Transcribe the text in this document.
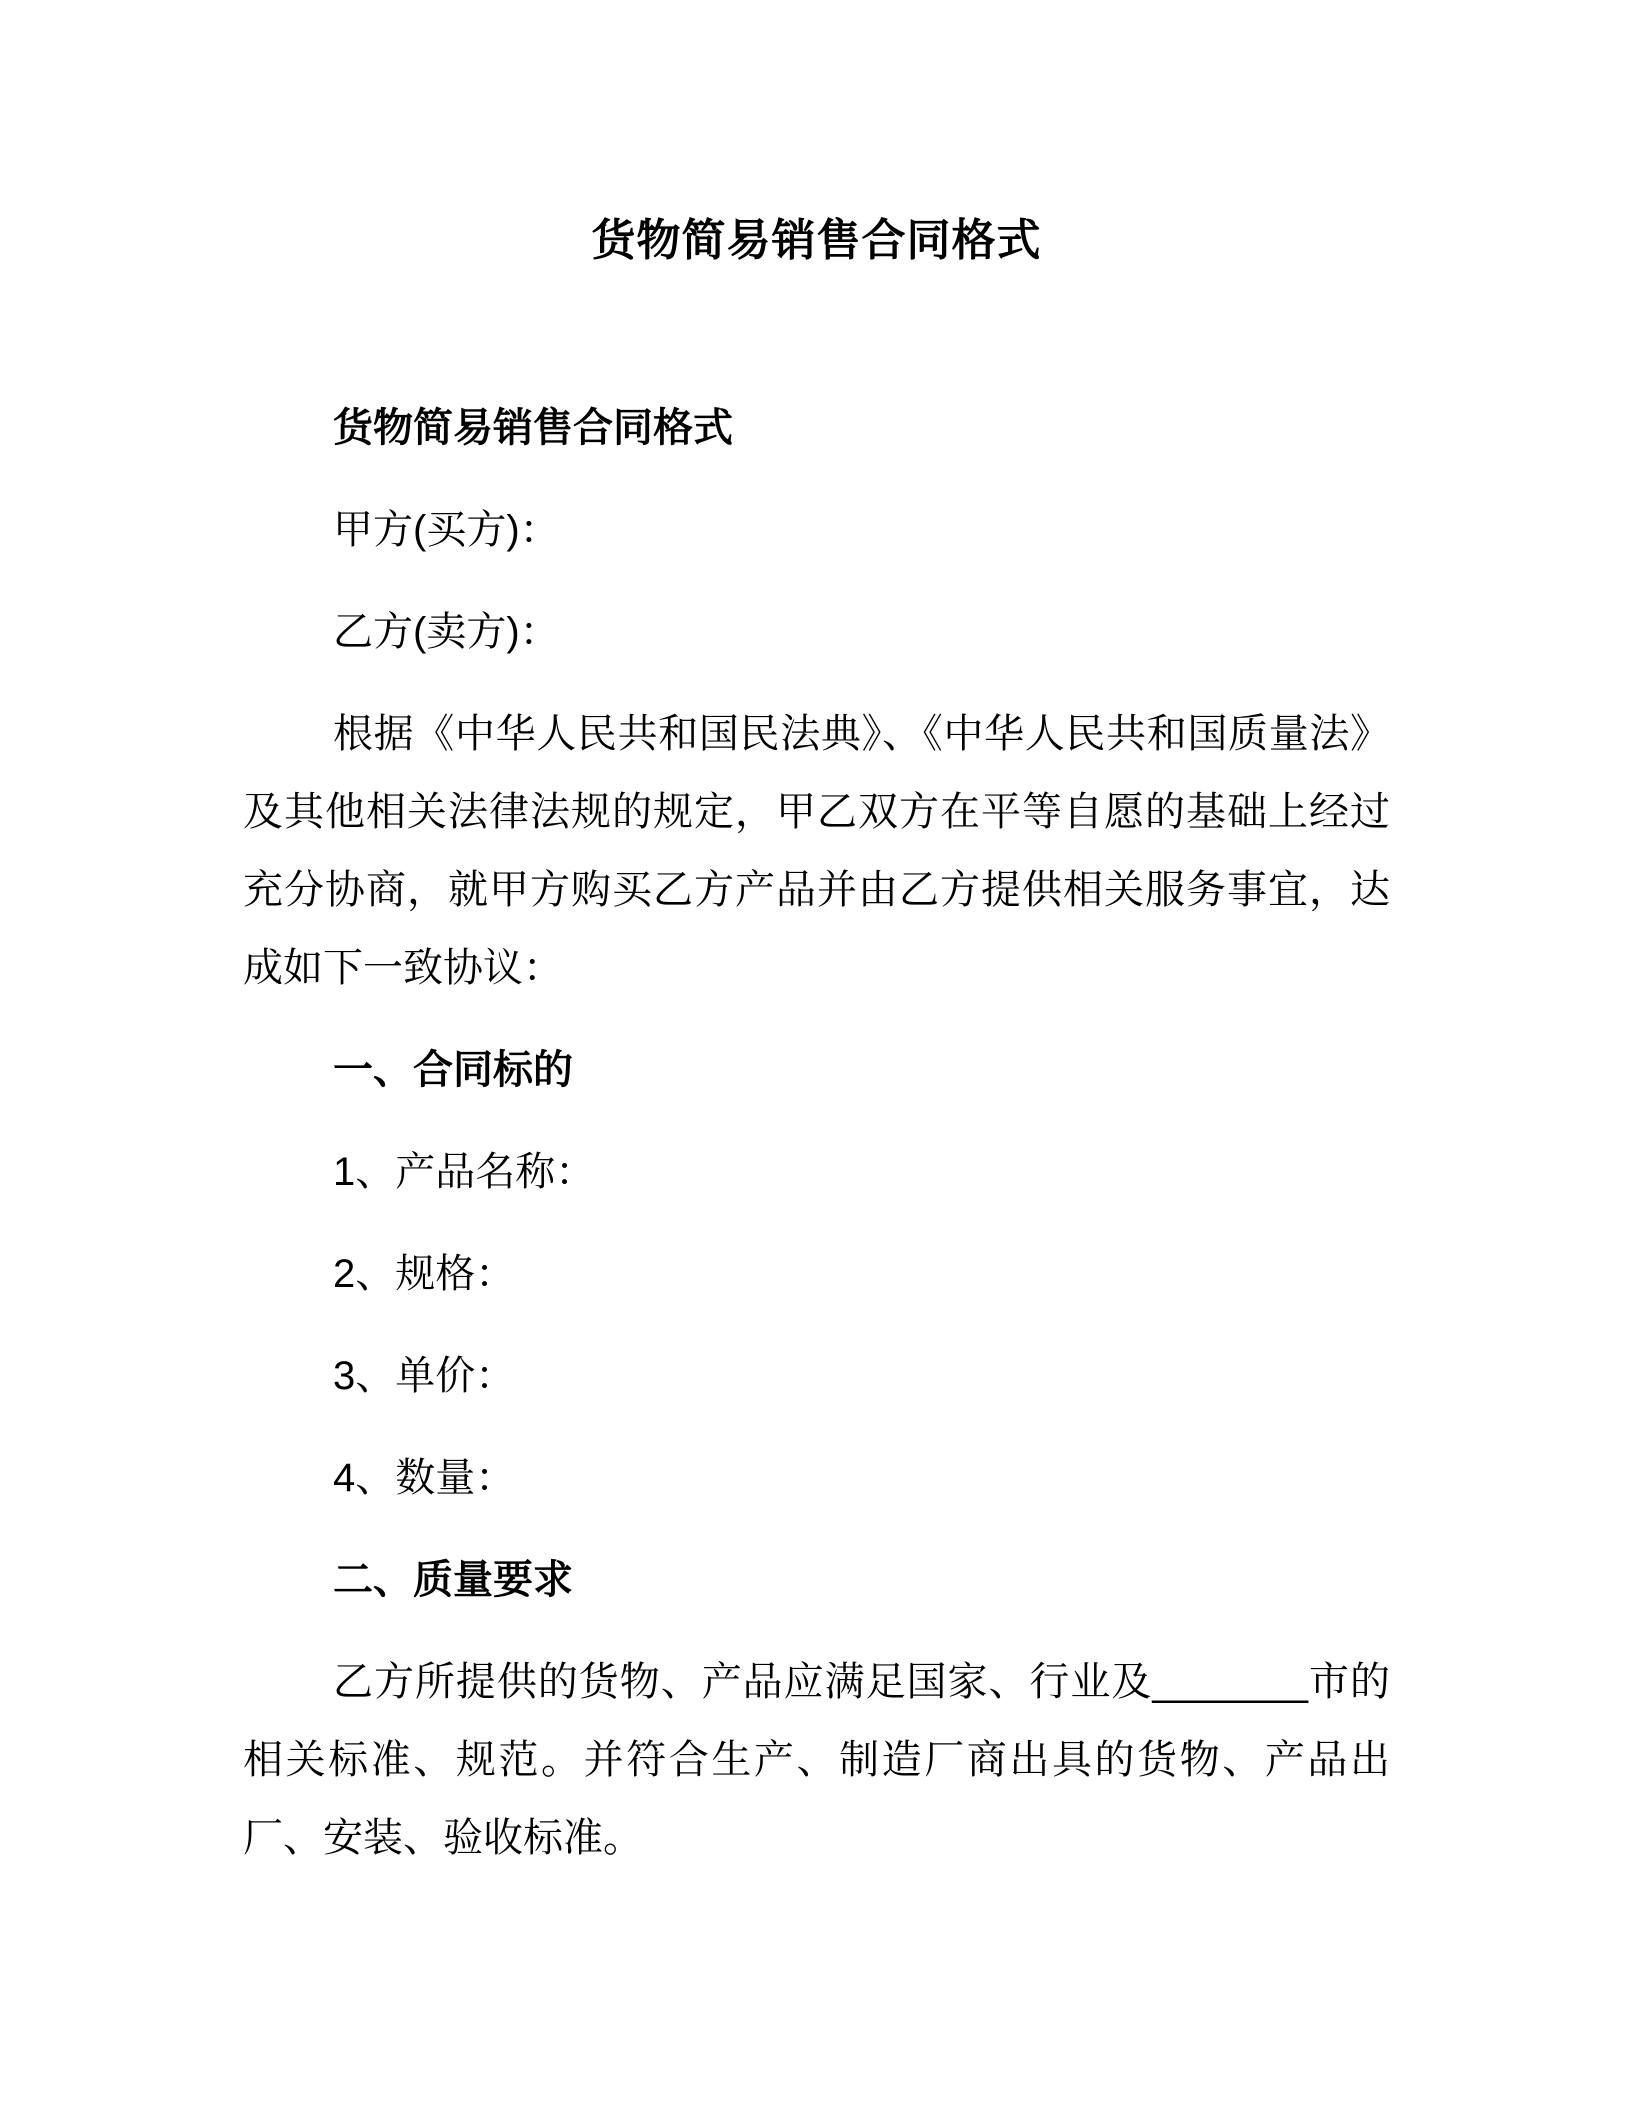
货物简易销售合同格式

货物简易销售合同格式

甲方(买方)：

乙方(卖方)：

根据《中华人民共和国民法典》、《中华人民共和国质量法》及其他相关法律法规的规定，甲乙双方在平等自愿的基础上经过充分协商，就甲方购买乙方产品并由乙方提供相关服务事宜，达成如下一致协议：

一、合同标的

1、产品名称：

2、规格：

3、单价：

4、数量：

二、质量要求

乙方所提供的货物、产品应满足国家、行业及_______市的相关标准、规范。并符合生产、制造厂商出具的货物、产品出厂、安装、验收标准。
